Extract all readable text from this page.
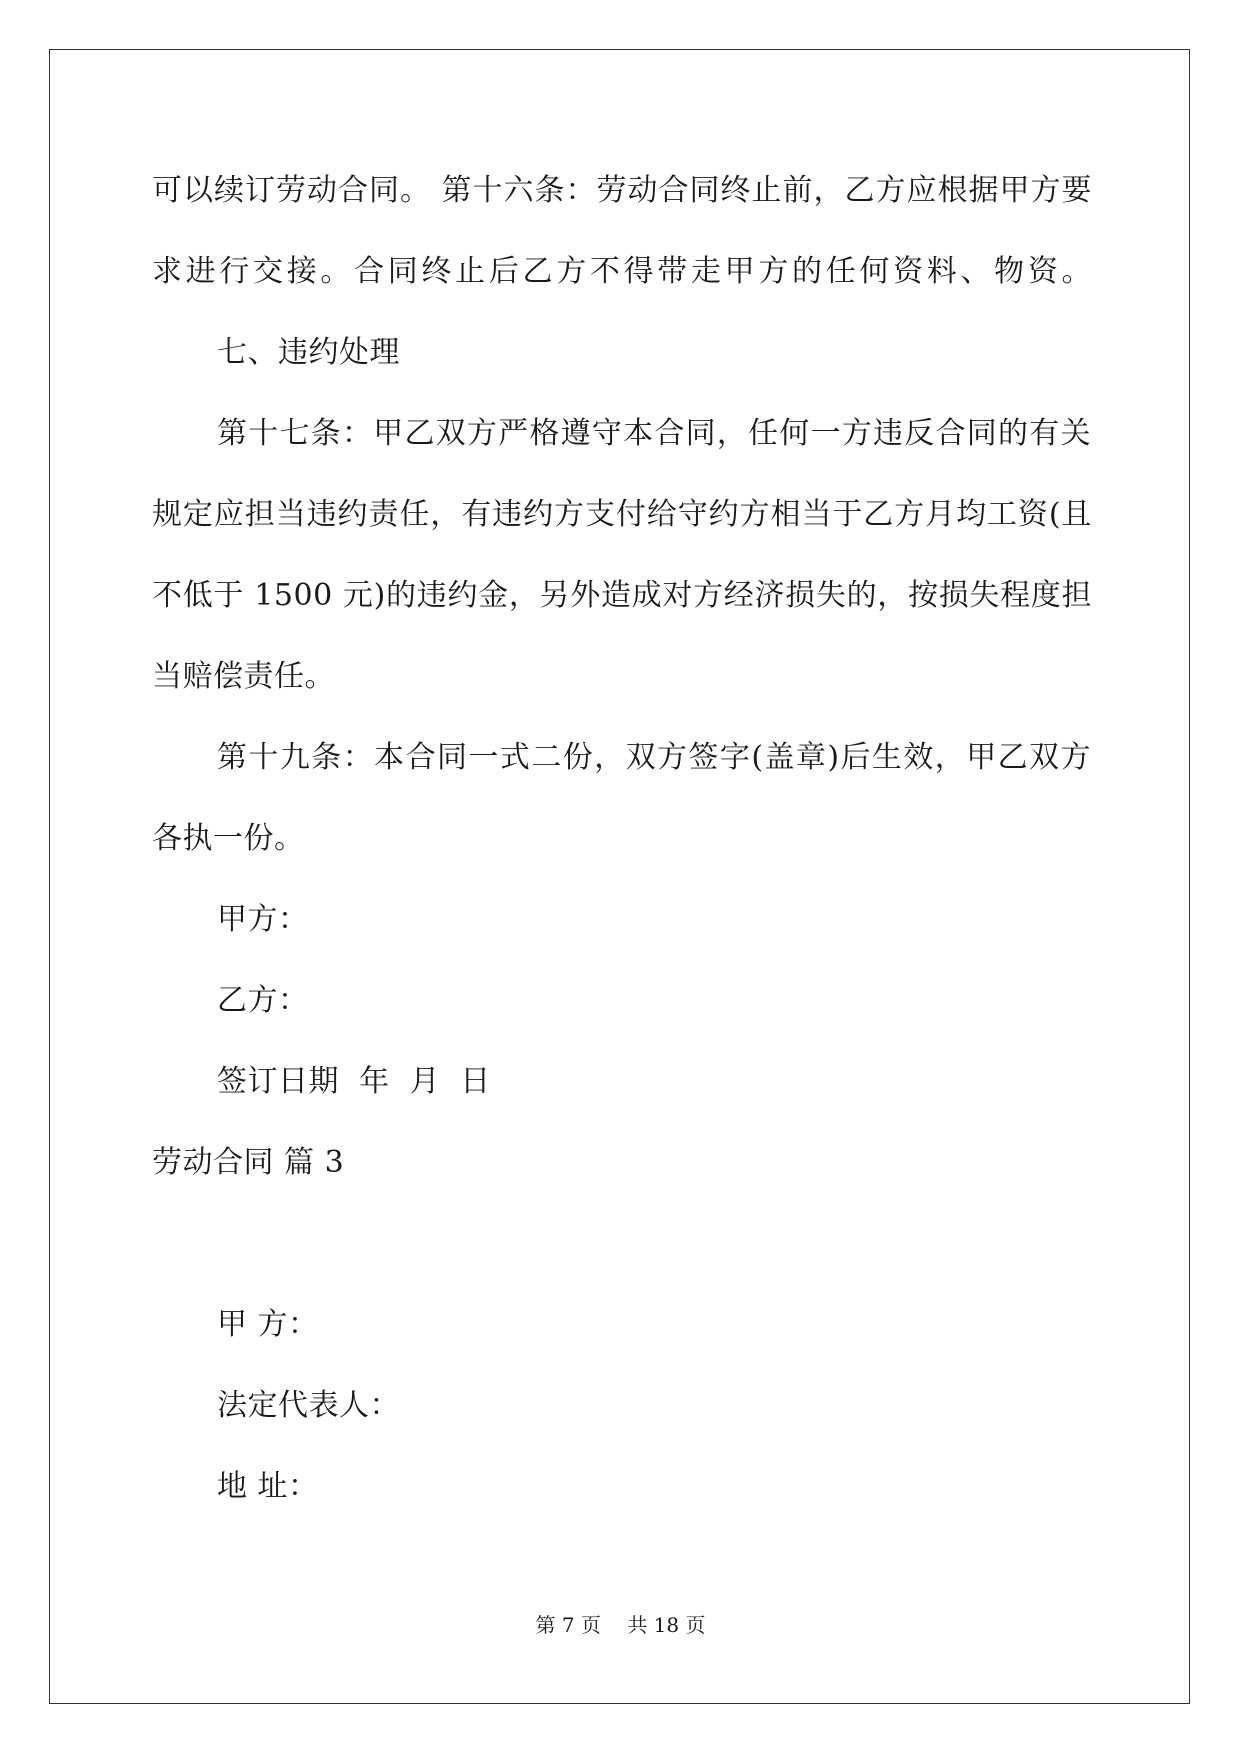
可以续订劳动合同。 第十六条：劳动合同终止前，乙方应根据甲方要
求进行交接。合同终止后乙方不得带走甲方的任何资料、物资。
七、违约处理
第十七条：甲乙双方严格遵守本合同，任何一方违反合同的有关
规定应担当违约责任，有违约方支付给守约方相当于乙方月均工资(且
不低于 1500 元)的违约金，另外造成对方经济损失的，按损失程度担
当赔偿责任。
第十九条：本合同一式二份，双方签字(盖章)后生效，甲乙双方
各执一份。
甲方：
乙方：
签订日期  年  月  日
劳动合同 篇 3
甲 方：
法定代表人：
地 址：
第 7 页 共 18 页
